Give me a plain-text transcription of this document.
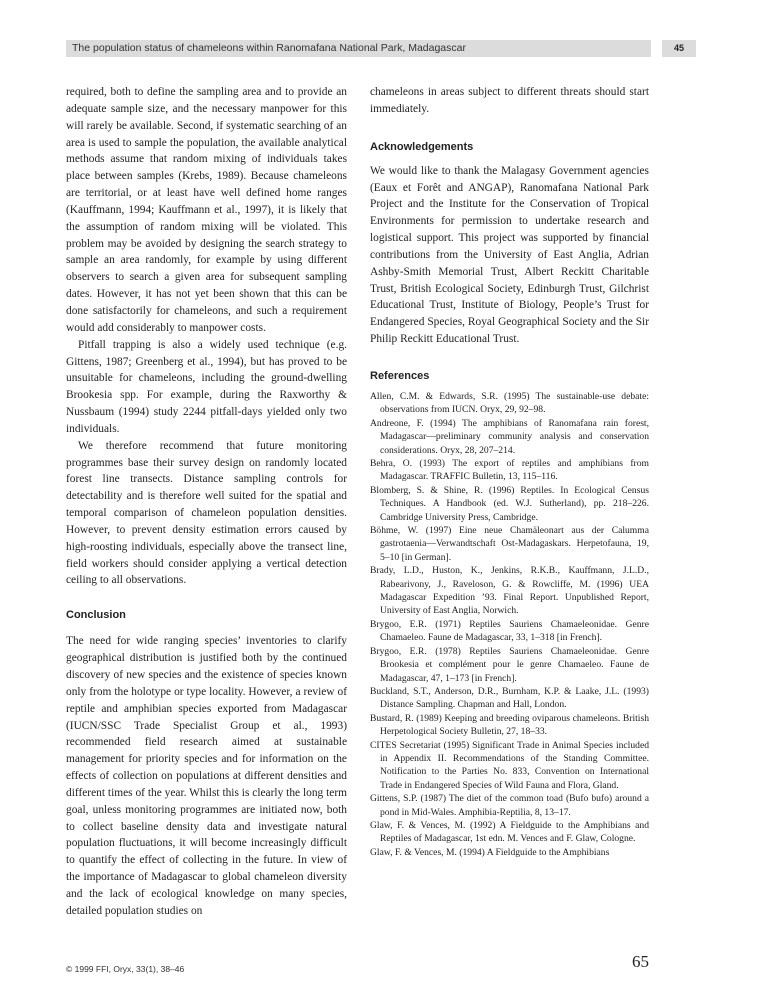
The population status of chameleons within Ranomafana National Park, Madagascar	45

required, both to define the sampling area and to provide an adequate sample size, and the necessary manpower for this will rarely be available. Second, if systematic searching of an area is used to sample the population, the available analytical methods assume that random mixing of individuals takes place between samples (Krebs, 1989). Because chameleons are territorial, or at least have well defined home ranges (Kauffmann, 1994; Kauffmann et al., 1997), it is likely that the assumption of random mixing will be violated. This problem may be avoided by designing the search strategy to sample an area randomly, for example by using different observers to search a given area for subsequent sampling dates. However, it has not yet been shown that this can be done satisfactorily for chameleons, and such a requirement would add considerably to manpower costs.

Pitfall trapping is also a widely used technique (e.g. Gittens, 1987; Greenberg et al., 1994), but has proved to be unsuitable for chameleons, including the ground-dwelling Brookesia spp. For example, during the Raxworthy & Nussbaum (1994) study 2244 pitfall-days yielded only two individuals.

We therefore recommend that future monitoring programmes base their survey design on randomly located forest line transects. Distance sampling controls for detectability and is therefore well suited for the spatial and temporal comparison of chameleon population densities. However, to prevent density estimation errors caused by high-roosting individuals, especially above the transect line, field workers should consider applying a vertical detection ceiling to all observations.

Conclusion

The need for wide ranging species’ inventories to clarify geographical distribution is justified both by the continued discovery of new species and the existence of species known only from the holotype or type locality. However, a review of reptile and amphibian species exported from Madagascar (IUCN/SSC Trade Specialist Group et al., 1993) recommended field research aimed at sustainable management for priority species and for information on the effects of collection on populations at different densities and different times of the year. Whilst this is clearly the long term goal, unless monitoring programmes are initiated now, both to collect baseline density data and investigate natural population fluctuations, it will become increasingly difficult to quantify the effect of collecting in the future. In view of the importance of Madagascar to global chameleon diversity and the lack of ecological knowledge on many species, detailed population studies on

chameleons in areas subject to different threats should start immediately.

Acknowledgements

We would like to thank the Malagasy Government agencies (Eaux et Forêt and ANGAP), Ranomafana National Park Project and the Institute for the Conservation of Tropical Environments for permission to undertake research and logistical support. This project was supported by financial contributions from the University of East Anglia, Adrian Ashby-Smith Memorial Trust, Albert Reckitt Charitable Trust, British Ecological Society, Edinburgh Trust, Gilchrist Educational Trust, Institute of Biology, People’s Trust for Endangered Species, Royal Geographical Society and the Sir Philip Reckitt Educational Trust.

References
Allen, C.M. & Edwards, S.R. (1995) The sustainable-use debate: observations from IUCN. Oryx, 29, 92–98.
Andreone, F. (1994) The amphibians of Ranomafana rain forest, Madagascar—preliminary community analysis and conservation considerations. Oryx, 28, 207–214.
Behra, O. (1993) The export of reptiles and amphibians from Madagascar. TRAFFIC Bulletin, 13, 115–116.
Blomberg, S. & Shine, R. (1996) Reptiles. In Ecological Census Techniques. A Handbook (ed. W.J. Sutherland), pp. 218–226. Cambridge University Press, Cambridge.
Böhme, W. (1997) Eine neue Chamäleonart aus der Calumma gastrotaenia—Verwandtschaft Ost-Madagaskars. Herpetofauna, 19, 5–10 [in German].
Brady, L.D., Huston, K., Jenkins, R.K.B., Kauffmann, J.L.D., Rabearivony, J., Raveloson, G. & Rowcliffe, M. (1996) UEA Madagascar Expedition ’93. Final Report. Unpublished Report, University of East Anglia, Norwich.
Brygoo, E.R. (1971) Reptiles Sauriens Chamaeleonidae. Genre Chamaeleo. Faune de Madagascar, 33, 1–318 [in French].
Brygoo, E.R. (1978) Reptiles Sauriens Chamaeleonidae. Genre Brookesia et complément pour le genre Chamaeleo. Faune de Madagascar, 47, 1–173 [in French].
Buckland, S.T., Anderson, D.R., Burnham, K.P. & Laake, J.L. (1993) Distance Sampling. Chapman and Hall, London.
Bustard, R. (1989) Keeping and breeding oviparous chameleons. British Herpetological Society Bulletin, 27, 18–33.
CITES Secretariat (1995) Significant Trade in Animal Species included in Appendix II. Recommendations of the Standing Committee. Notification to the Parties No. 833, Convention on International Trade in Endangered Species of Wild Fauna and Flora, Gland.
Gittens, S.P. (1987) The diet of the common toad (Bufo bufo) around a pond in Mid-Wales. Amphibia-Reptilia, 8, 13–17.
Glaw, F. & Vences, M. (1992) A Fieldguide to the Amphibians and Reptiles of Madagascar, 1st edn. M. Vences and F. Glaw, Cologne.
Glaw, F. & Vences, M. (1994) A Fieldguide to the Amphibians
© 1999 FFI, Oryx, 33(1), 38–46	65
